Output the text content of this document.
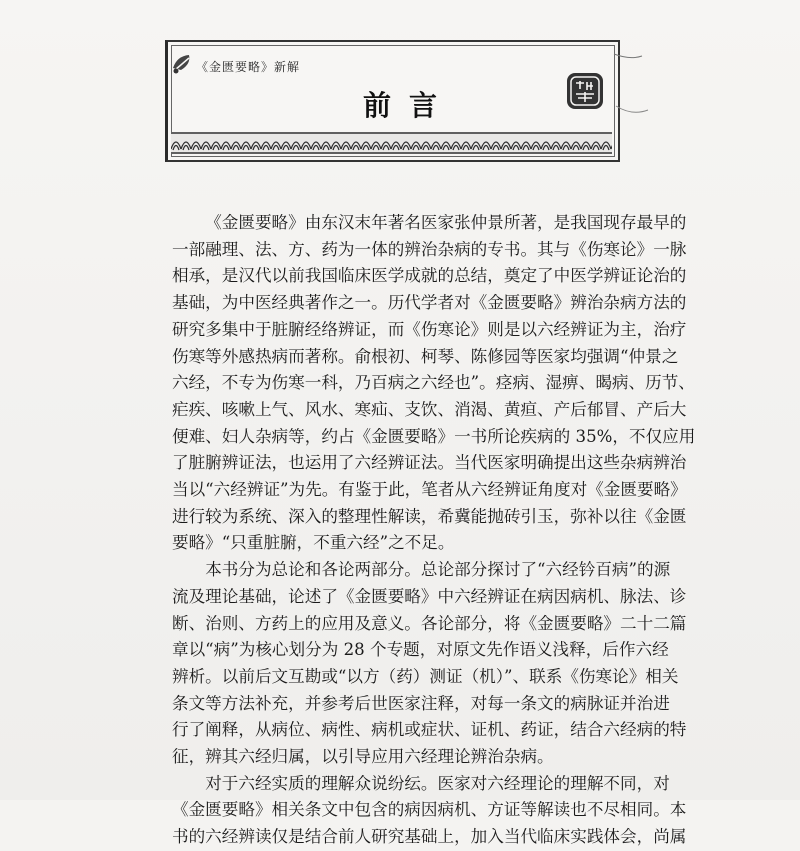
《金匮要略》新解
前言

《金匮要略》由东汉末年著名医家张仲景所著，是我国现存最早的
一部融理、法、方、药为一体的辨治杂病的专书。其与《伤寒论》一脉
相承，是汉代以前我国临床医学成就的总结，奠定了中医学辨证论治的
基础，为中医经典著作之一。历代学者对《金匮要略》辨治杂病方法的
研究多集中于脏腑经络辨证，而《伤寒论》则是以六经辨证为主，治疗
伤寒等外感热病而著称。俞根初、柯琴、陈修园等医家均强调“仲景之
六经，不专为伤寒一科，乃百病之六经也”。痉病、湿痹、暍病、历节、
疟疾、咳嗽上气、风水、寒疝、支饮、消渴、黄疸、产后郁冒、产后大
便难、妇人杂病等，约占《金匮要略》一书所论疾病的 35%，不仅应用
了脏腑辨证法，也运用了六经辨证法。当代医家明确提出这些杂病辨治
当以“六经辨证”为先。有鉴于此，笔者从六经辨证角度对《金匮要略》
进行较为系统、深入的整理性解读，希冀能抛砖引玉，弥补以往《金匮
要略》“只重脏腑，不重六经”之不足。

本书分为总论和各论两部分。总论部分探讨了“六经钤百病”的源
流及理论基础，论述了《金匮要略》中六经辨证在病因病机、脉法、诊
断、治则、方药上的应用及意义。各论部分，将《金匮要略》二十二篇
章以“病”为核心划分为 28 个专题，对原文先作语义浅释，后作六经
辨析。以前后文互勘或“以方（药）测证（机）”、联系《伤寒论》相关
条文等方法补充，并参考后世医家注释，对每一条文的病脉证并治进
行了阐释，从病位、病性、病机或症状、证机、药证，结合六经病的特
征，辨其六经归属，以引导应用六经理论辨治杂病。

对于六经实质的理解众说纷纭。医家对六经理论的理解不同，对
《金匮要略》相关条文中包含的病因病机、方证等解读也不尽相同。本
书的六经辨读仅是结合前人研究基础上，加入当代临床实践体会，尚属
